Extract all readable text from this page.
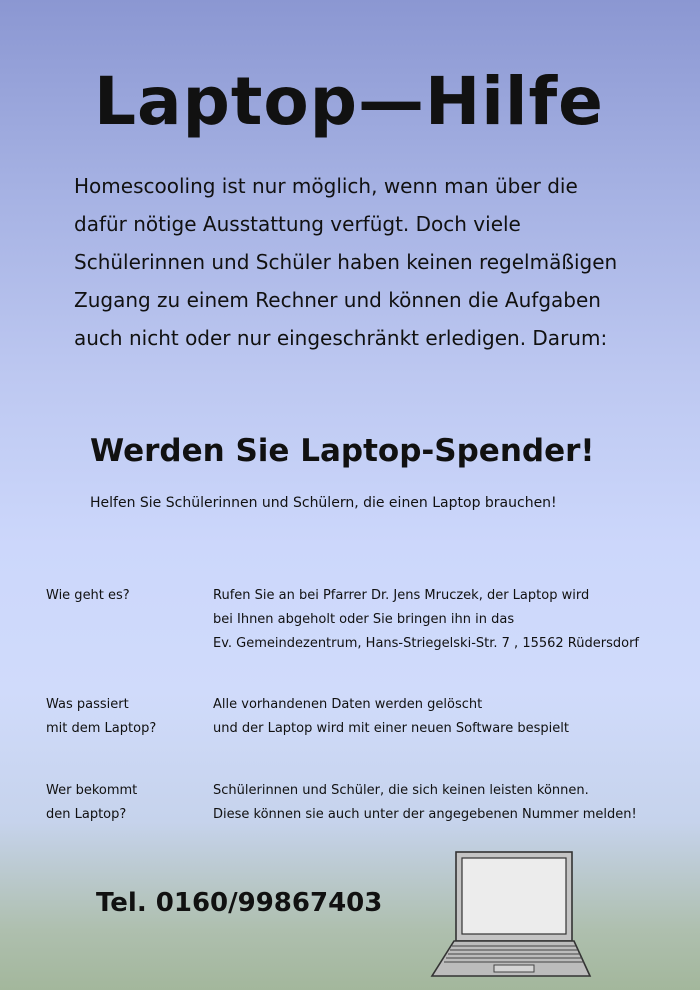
Laptop—Hilfe

Homescooling ist nur möglich, wenn man über die
dafür nötige Ausstattung verfügt. Doch viele
Schülerinnen und Schüler haben keinen regelmäßigen
Zugang zu einem Rechner und können die Aufgaben
auch nicht oder nur eingeschränkt erledigen. Darum:

Werden Sie Laptop-Spender!

Helfen Sie Schülerinnen und Schülern, die einen Laptop brauchen!

Wie geht es?	Rufen Sie an bei Pfarrer Dr. Jens Mruczek, der Laptop wird
bei Ihnen abgeholt oder Sie bringen ihn in das
Ev. Gemeindezentrum, Hans-Striegelski-Str. 7 , 15562 Rüdersdorf

Was passiert
mit dem Laptop?

Alle vorhandenen Daten werden gelöscht
und der Laptop wird mit einer neuen Software bespielt

Wer bekommt
den Laptop?

Schülerinnen und Schüler, die sich keinen leisten können.
Diese können sie auch unter der angegebenen Nummer melden!

Tel. 0160/99867403
